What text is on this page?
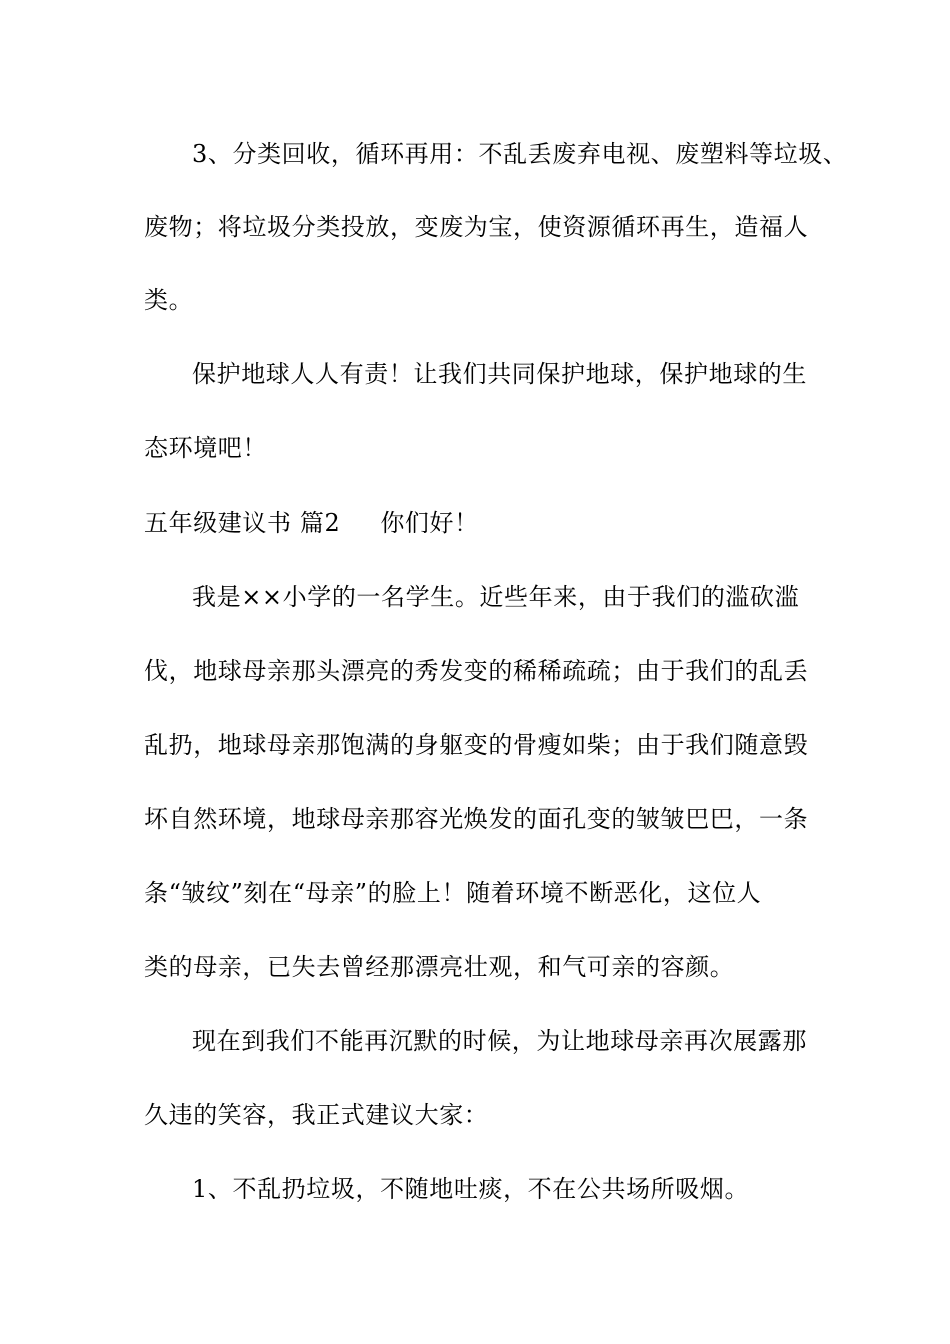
3、分类回收，循环再用：不乱丢废弃电视、废塑料等垃圾、
废物；将垃圾分类投放，变废为宝，使资源循环再生，造福人
类。
保护地球人人有责！让我们共同保护地球，保护地球的生
态环境吧！
五年级建议书 篇2 你们好！
我是××小学的一名学生。近些年来，由于我们的滥砍滥
伐，地球母亲那头漂亮的秀发变的稀稀疏疏；由于我们的乱丢
乱扔，地球母亲那饱满的身躯变的骨瘦如柴；由于我们随意毁
坏自然环境，地球母亲那容光焕发的面孔变的皱皱巴巴，一条
条“皱纹”刻在“母亲”的脸上！随着环境不断恶化，这位人
类的母亲，已失去曾经那漂亮壮观，和气可亲的容颜。
现在到我们不能再沉默的时候，为让地球母亲再次展露那
久违的笑容，我正式建议大家：
1、不乱扔垃圾，不随地吐痰，不在公共场所吸烟。
